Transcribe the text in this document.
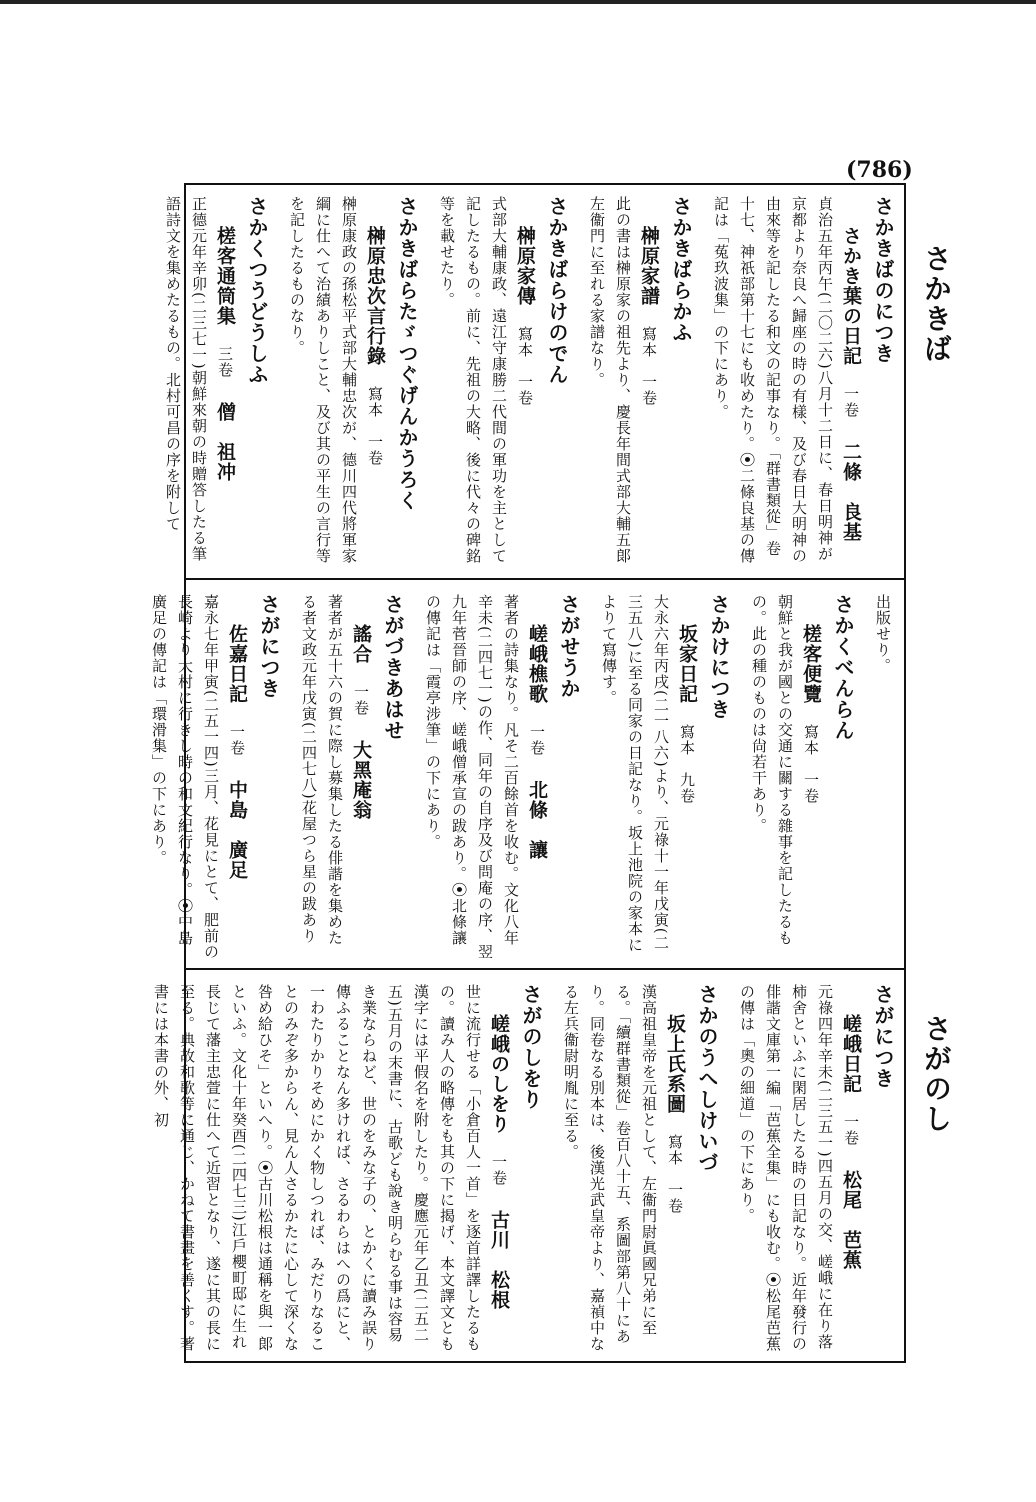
(786)
さかきば
さがのし
さかきばのにつき
さかき葉の日記一卷二條　良基
貞治五年丙午(二〇二六)八月十二日に、春日明神が京都より奈良へ歸座の時の有樣、及び春日大明神の由來等を記したる和文の記事なり。「群書類從」卷十七、神祇部第十七にも收めたり。⦿二條良基の傳記は「菟玖波集」の下にあり。
さかきばらかふ
榊原家譜寫本　一卷
此の書は榊原家の祖先より、慶長年間式部大輔五郞左衞門に至れる家譜なり。
さかきばらけのでん
榊原家傳寫本　一卷
式部大輔康政、遠江守康勝二代間の軍功を主として記したるもの。前に、先祖の大略、後に代々の碑銘等を載せたり。
さかきばらたゞつぐげんかうろく
榊原忠次言行錄寫本　一卷
榊原康政の孫松平式部大輔忠次が、德川四代將軍家綱に仕へて治績ありしこと、及び其の平生の言行等を記したるものなり。
さかくつうどうしふ
槎客通筒集三卷僧　祖冲
正德元年辛卯(二三七一)朝鮮來朝の時贈答したる筆語詩文を集めたるもの。北村可昌の序を附して
出版せり。
さかくべんらん
槎客便覽寫本　一卷
朝鮮と我が國との交通に關する雜事を記したるもの。此の種のものは尙若干あり。
さかけにつき
坂家日記寫本　九卷
大永六年丙戌(二一八六)より、元祿十一年戊寅(二三五八)に至る同家の日記なり。坂上池院の家本によりて寫傳す。
さがせうか
嵯峨樵歌一卷北條　讓
著者の詩集なり。凡そ二百餘首を收む。文化八年辛未(二四七一)の作、同年の自序及び問庵の序、翌九年菅晉師の序、嵯峨僧承宣の跋あり。⦿北條讓の傳記は「霞亭涉筆」の下にあり。
さがづきあはせ
謠合一卷大黑庵翁
著者が五十六の賀に際し募集したる俳諧を集めたる者文政元年戊寅(二四七八)花屋つら星の跋あり
さがにつき
佐嘉日記一卷中島　廣足
嘉永七年甲寅(二五一四)三月、花見にとて、肥前の長崎より大村に行きし時の和文紀行なり。⦿中島廣足の傳記は「環滑集」の下にあり。
さがにつき
嵯峨日記一卷松尾　芭蕉
元祿四年辛未(二三五一)四五月の交、嵯峨に在り落柿舍といふに閑居したる時の日記なり。近年發行の俳諧文庫第一編「芭蕉全集」にも收む。⦿松尾芭蕉の傳は「奧の細道」の下にあり。
さかのうへしけいづ
坂上氏系圖寫本　一卷
漢高祖皇帝を元祖として、左衞門尉眞國兄弟に至る。「續群書類從」卷百八十五、系圖部第八十にあり。同卷なる別本は、後漢光武皇帝より、嘉禎中なる左兵衞尉明胤に至る。
さがのしをり
嵯峨のしをり一卷古川　松根
世に流行せる「小倉百人一首」を逐首詳譯したるもの。讀み人の略傳をも其の下に揭げ、本文譯文とも漢字には平假名を附したり。慶應元年乙丑(二五二五)五月の末書に、古歌ども說き明らむる事は容易き業ならねど、世のをみな子の、とかくに讀み誤り傳ふることなん多ければ、さるわらはへの爲にと、一わたりかりそめにかく物しつれば、みだりなることのみぞ多からん、見ん人さるかたに心して深くな咎め給ひそ」といへり。⦿古川松根は通稱を與一郞といふ。文化十年癸酉(二四七三)江戶櫻町邸に生れ長じて藩主忠萱に仕へて近習となり、遂に其の長に至る。典故和歌等に通じ、かねて書畫を善くす。著書には本書の外、初
